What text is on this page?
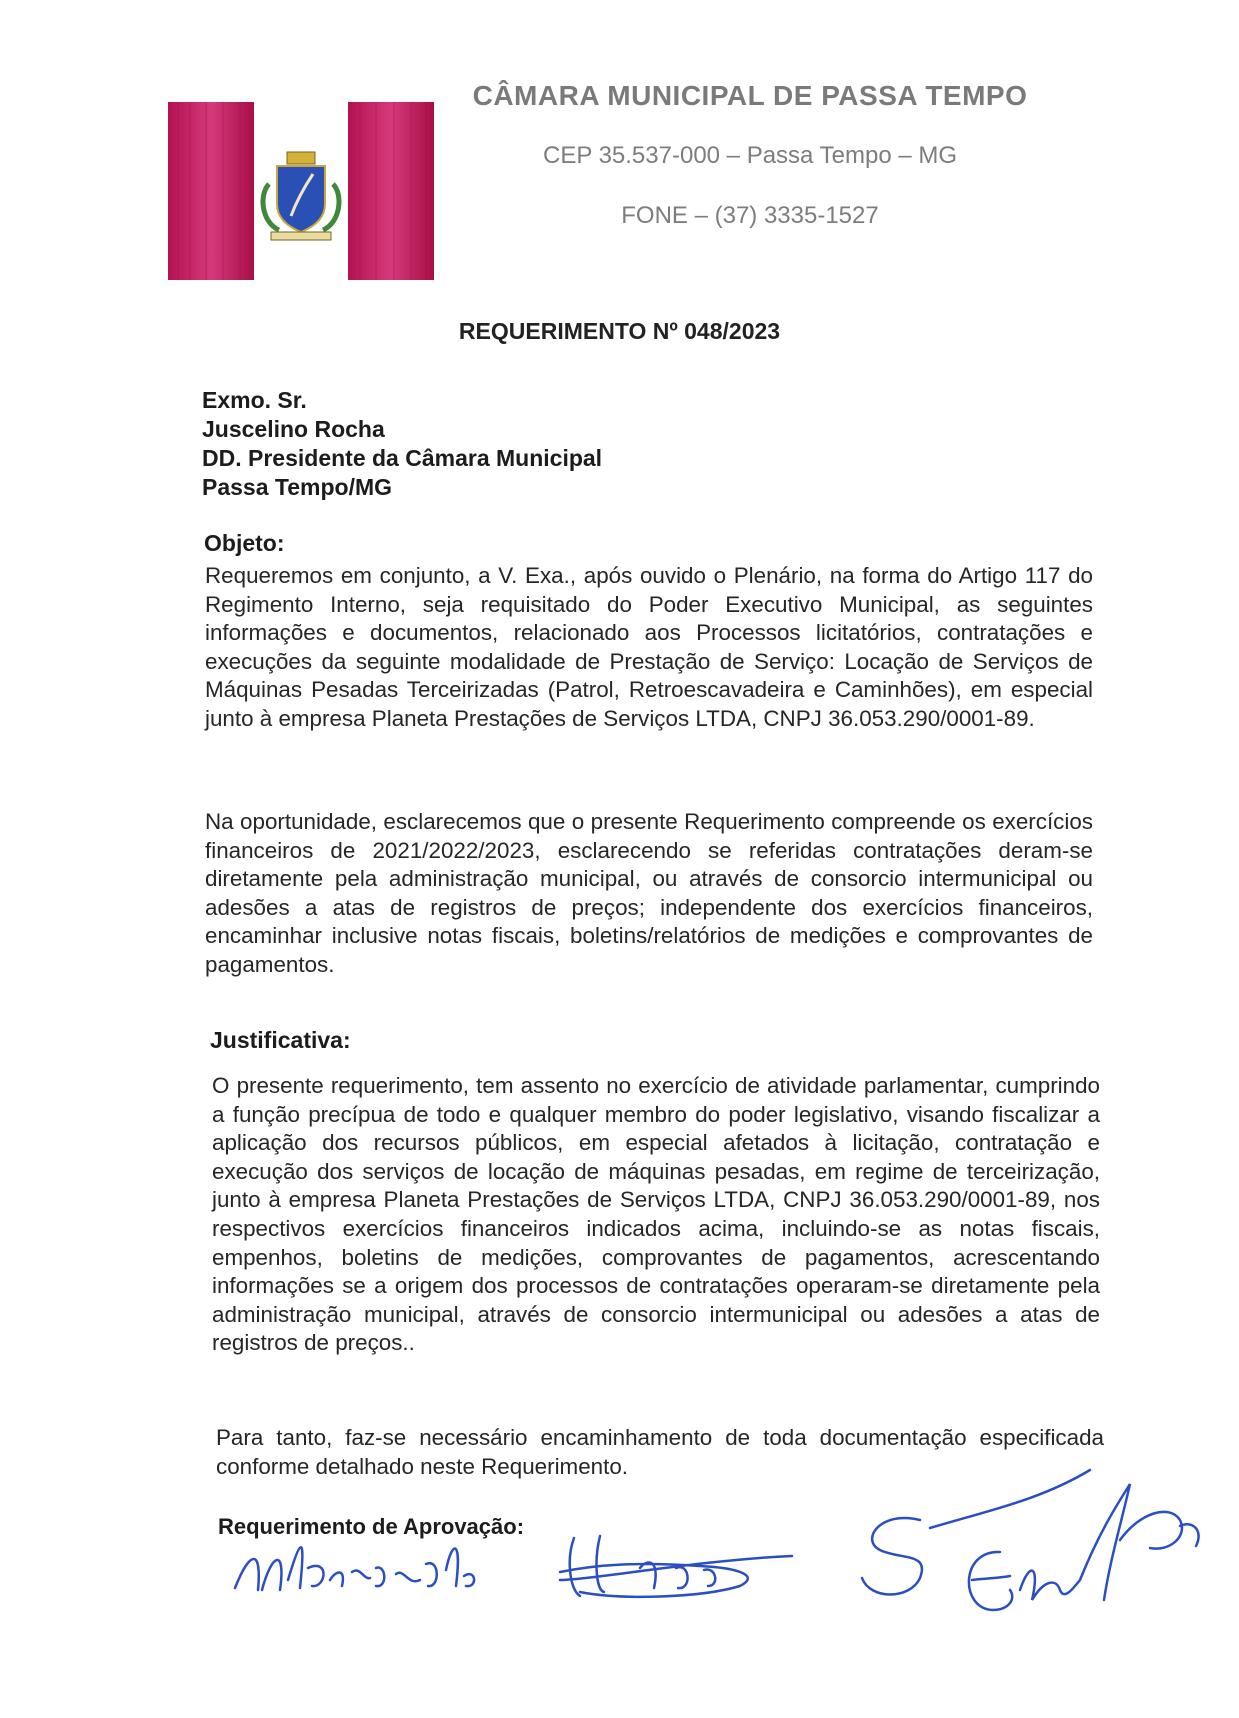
CÂMARA MUNICIPAL DE PASSA TEMPO
CEP 35.537-000 – Passa Tempo – MG
FONE – (37) 3335-1527
REQUERIMENTO Nº 048/2023
Exmo. Sr.
Juscelino Rocha
DD. Presidente da Câmara Municipal
Passa Tempo/MG
Objeto:

Requeremos em conjunto, a V. Exa., após ouvido o Plenário, na forma do Artigo 117 do Regimento Interno, seja requisitado do Poder Executivo Municipal, as seguintes informações e documentos, relacionado aos Processos licitatórios, contratações e execuções da seguinte modalidade de Prestação de Serviço: Locação de Serviços de Máquinas Pesadas Terceirizadas (Patrol, Retroescavadeira e Caminhões), em especial junto à empresa Planeta Prestações de Serviços LTDA, CNPJ 36.053.290/0001-89.

Na oportunidade, esclarecemos que o presente Requerimento compreende os exercícios financeiros de 2021/2022/2023, esclarecendo se referidas contratações deram-se diretamente pela administração municipal, ou através de consorcio intermunicipal ou adesões a atas de registros de preços; independente dos exercícios financeiros, encaminhar inclusive notas fiscais, boletins/relatórios de medições e comprovantes de pagamentos.

Justificativa:

O presente requerimento, tem assento no exercício de atividade parlamentar, cumprindo a função precípua de todo e qualquer membro do poder legislativo, visando fiscalizar a aplicação dos recursos públicos, em especial afetados à licitação, contratação e execução dos serviços de locação de máquinas pesadas, em regime de terceirização, junto à empresa Planeta Prestações de Serviços LTDA, CNPJ 36.053.290/0001-89, nos respectivos exercícios financeiros indicados acima, incluindo-se as notas fiscais, empenhos, boletins de medições, comprovantes de pagamentos, acrescentando informações se a origem dos processos de contratações operaram-se diretamente pela administração municipal, através de consorcio intermunicipal ou adesões a atas de registros de preços..

Para tanto, faz-se necessário encaminhamento de toda documentação especificada conforme detalhado neste Requerimento.

Requerimento de Aprovação:
